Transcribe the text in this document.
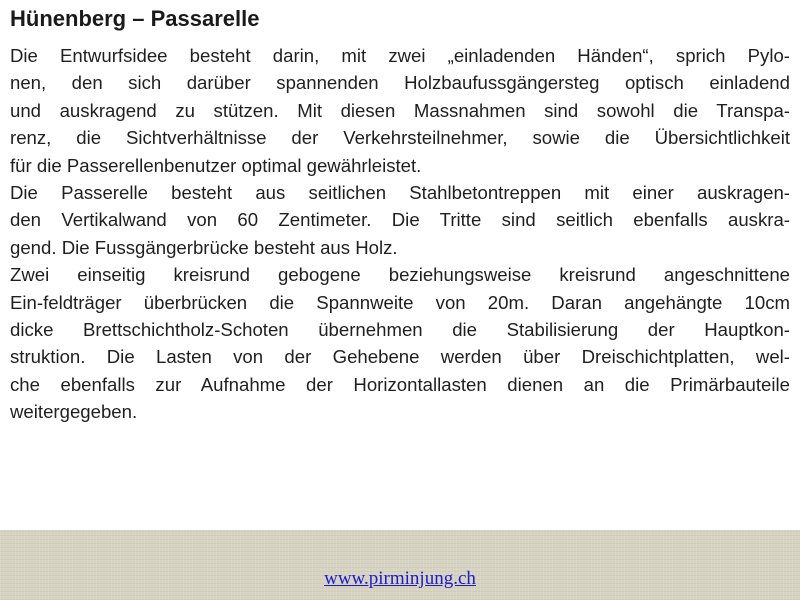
Hünenberg – Passarelle
Die Entwurfsidee besteht darin, mit zwei „einladenden Händen“, sprich Pylo-
nen, den sich darüber spannenden Holzbaufussgängersteg optisch einladend
und auskragend zu stützen. Mit diesen Massnahmen sind sowohl die Transpa-
renz, die Sichtverhältnisse der Verkehrsteilnehmer, sowie die Übersichtlichkeit
für die Passerellenbenutzer optimal gewährleistet.
Die Passerelle besteht aus seitlichen Stahlbetontreppen mit einer auskragen-
den Vertikalwand von 60 Zentimeter. Die Tritte sind seitlich ebenfalls auskra-
gend. Die Fussgängerbrücke besteht aus Holz.
Zwei einseitig kreisrund gebogene beziehungsweise kreisrund angeschnittene
Ein-feldträger überbrücken die Spannweite von 20m. Daran angehängte 10cm
dicke Brettschichtholz-Schoten übernehmen die Stabilisierung der Hauptkon-
struktion. Die Lasten von der Gehebene werden über Dreischichtplatten, wel-
che ebenfalls zur Aufnahme der Horizontallasten dienen an die Primärbauteile
weitergegeben.
www.pirminjung.ch
